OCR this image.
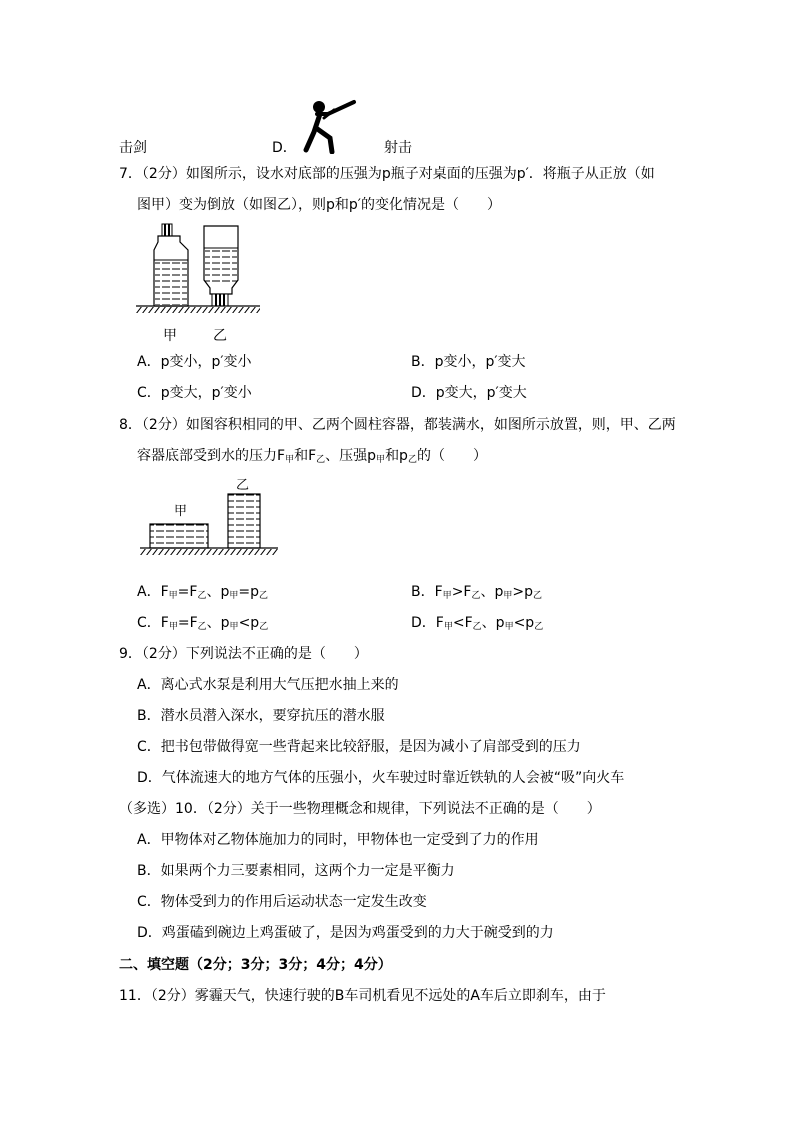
击剑	D．	射击
7．（2分）如图所示，设水对底部的压强为p瓶子对桌面的压强为p′．将瓶子从正放（如
图甲）变为倒放（如图乙），则p和p′的变化情况是（　　）
甲	乙
A．p变小，p′变小	B．p变小，p′变大
C．p变大，p′变小	D．p变大，p′变大
8．（2分）如图容积相同的甲、乙两个圆柱容器，都装满水，如图所示放置，则，甲、乙两
容器底部受到水的压力$F_甲$和$F_乙$、压强$p_甲$和$p_乙$的（　　）
乙
甲
A．$F_甲=F_乙$、$p_甲=p_乙$	B．$F_甲>F_乙$、$p_甲>p_乙$
C．$F_甲=F_乙$、$p_甲<p_乙$	D．$F_甲<F_乙$、$p_甲<p_乙$
9．（2分）下列说法不正确的是（　　）
A．离心式水泵是利用大气压把水抽上来的
B．潜水员潜入深水，要穿抗压的潜水服
C．把书包带做得宽一些背起来比较舒服，是因为减小了肩部受到的压力
D．气体流速大的地方气体的压强小，火车驶过时靠近铁轨的人会被“吸”向火车
（多选）10．（2分）关于一些物理概念和规律，下列说法不正确的是（　　）
A．甲物体对乙物体施加力的同时，甲物体也一定受到了力的作用
B．如果两个力三要素相同，这两个力一定是平衡力
C．物体受到力的作用后运动状态一定发生改变
D．鸡蛋磕到碗边上鸡蛋破了，是因为鸡蛋受到的力大于碗受到的力
二、填空题（2分；3分；3分；4分；4分）
11．（2分）雾霾天气，快速行驶的B车司机看见不远处的A车后立即刹车，由于
